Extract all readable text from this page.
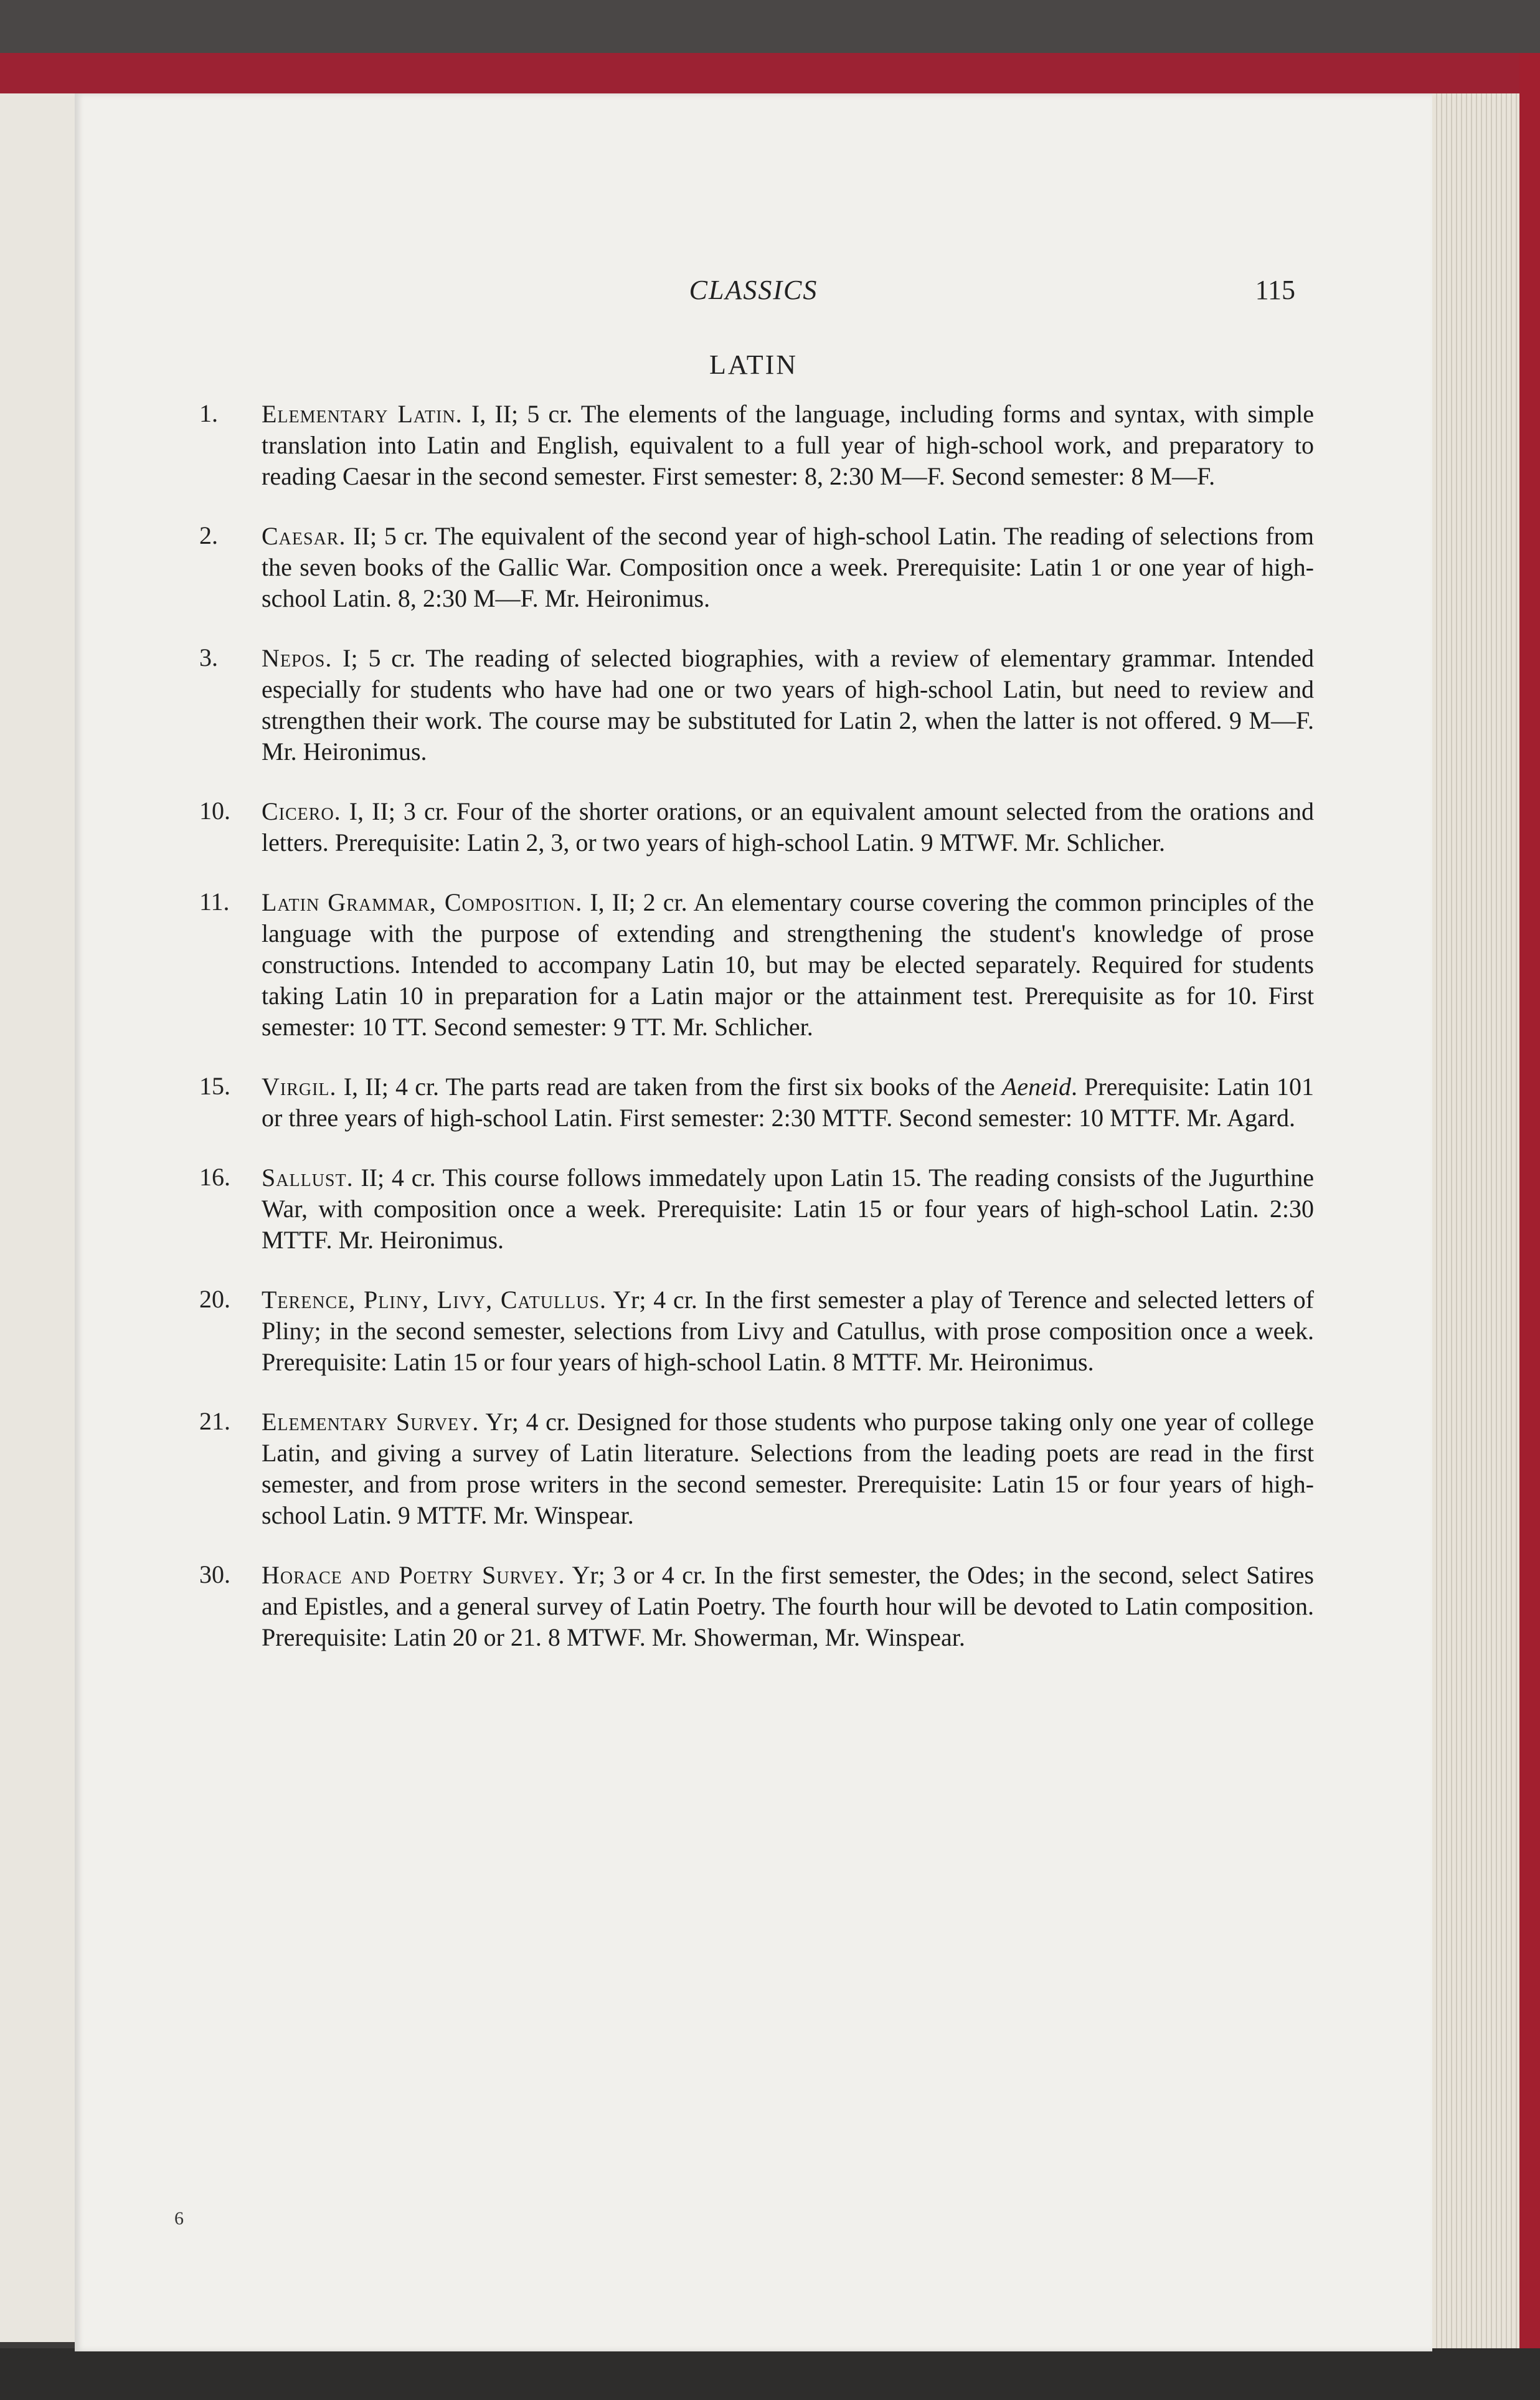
CLASSICS	115
LATIN
1.	Elementary Latin. I, II; 5 cr. The elements of the language, including forms and syntax, with simple translation into Latin and English, equivalent to a full year of high-school work, and preparatory to reading Caesar in the second semester. First semester: 8, 2:30 M—F. Second semester: 8 M—F.
2.	Caesar. II; 5 cr. The equivalent of the second year of high-school Latin. The reading of selections from the seven books of the Gallic War. Composition once a week. Prerequisite: Latin 1 or one year of high-school Latin. 8, 2:30 M—F. Mr. Heironimus.
3.	Nepos. I; 5 cr. The reading of selected biographies, with a review of elementary grammar. Intended especially for students who have had one or two years of high-school Latin, but need to review and strengthen their work. The course may be substituted for Latin 2, when the latter is not offered. 9 M—F. Mr. Heironimus.
10.	Cicero. I, II; 3 cr. Four of the shorter orations, or an equivalent amount selected from the orations and letters. Prerequisite: Latin 2, 3, or two years of high-school Latin. 9 MTWF. Mr. Schlicher.
11.	Latin Grammar, Composition. I, II; 2 cr. An elementary course covering the common principles of the language with the purpose of extending and strengthening the student's knowledge of prose constructions. Intended to accompany Latin 10, but may be elected separately. Required for students taking Latin 10 in preparation for a Latin major or the attainment test. Prerequisite as for 10. First semester: 10 TT. Second semester: 9 TT. Mr. Schlicher.
15.	Virgil. I, II; 4 cr. The parts read are taken from the first six books of the Aeneid. Prerequisite: Latin 101 or three years of high-school Latin. First semester: 2:30 MTTF. Second semester: 10 MTTF. Mr. Agard.
16.	Sallust. II; 4 cr. This course follows immedately upon Latin 15. The reading consists of the Jugurthine War, with composition once a week. Prerequisite: Latin 15 or four years of high-school Latin. 2:30 MTTF. Mr. Heironimus.
20.	Terence, Pliny, Livy, Catullus. Yr; 4 cr. In the first semester a play of Terence and selected letters of Pliny; in the second semester, selections from Livy and Catullus, with prose composition once a week. Prerequisite: Latin 15 or four years of high-school Latin. 8 MTTF. Mr. Heironimus.
21.	Elementary Survey. Yr; 4 cr. Designed for those students who purpose taking only one year of college Latin, and giving a survey of Latin literature. Selections from the leading poets are read in the first semester, and from prose writers in the second semester. Prerequisite: Latin 15 or four years of high-school Latin. 9 MTTF. Mr. Winspear.
30.	Horace and Poetry Survey. Yr; 3 or 4 cr. In the first semester, the Odes; in the second, select Satires and Epistles, and a general survey of Latin Poetry. The fourth hour will be devoted to Latin composition. Prerequisite: Latin 20 or 21. 8 MTWF. Mr. Showerman, Mr. Winspear.
6
